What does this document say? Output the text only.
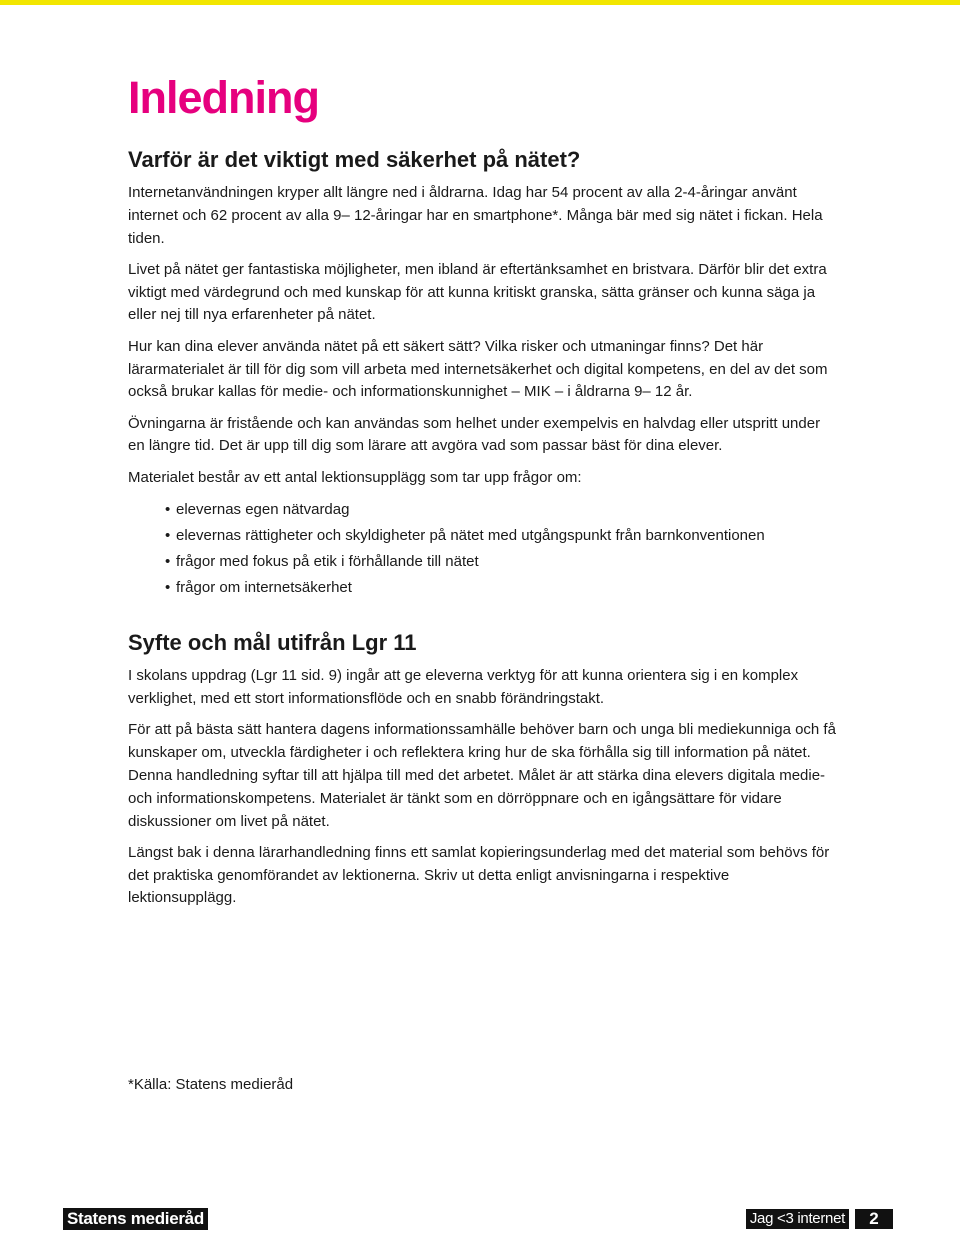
Inledning
Varför är det viktigt med säkerhet på nätet?

Internetanvändningen kryper allt längre ned i åldrarna. Idag har 54 procent av alla 2-4-åringar använt internet och 62 procent av alla 9– 12-åringar har en smartphone*. Många bär med sig nätet i fickan. Hela tiden.

Livet på nätet ger fantastiska möjligheter, men ibland är eftertänksamhet en bristvara. Därför blir det extra viktigt med värdegrund och med kunskap för att kunna kritiskt granska, sätta gränser och kunna säga ja eller nej till nya erfarenheter på nätet.

Hur kan dina elever använda nätet på ett säkert sätt? Vilka risker och utmaningar finns? Det här lärarmaterialet är till för dig som vill arbeta med internetsäkerhet och digital kompetens, en del av det som också brukar kallas för medie- och informationskunnighet – MIK – i åldrarna 9– 12 år.

Övningarna är fristående och kan användas som helhet under exempelvis en halvdag eller utspritt under en längre tid. Det är upp till dig som lärare att avgöra vad som passar bäst för dina elever.

Materialet består av ett antal lektionsupplägg som tar upp frågor om:

• elevernas egen nätvardag
• elevernas rättigheter och skyldigheter på nätet med utgångspunkt från barnkonventionen
• frågor med fokus på etik i förhållande till nätet
• frågor om internetsäkerhet
Syfte och mål utifrån Lgr 11

I skolans uppdrag (Lgr 11 sid. 9) ingår att ge eleverna verktyg för att kunna orientera sig i en komplex verklighet, med ett stort informationsflöde och en snabb förändringstakt.

För att på bästa sätt hantera dagens informationssamhälle behöver barn och unga bli mediekunniga och få kunskaper om, utveckla färdigheter i och reflektera kring hur de ska förhålla sig till information på nätet. Denna handledning syftar till att hjälpa till med det arbetet. Målet är att stärka dina elevers digitala medie- och informationskompetens. Materialet är tänkt som en dörröppnare och en igångsättare för vidare diskussioner om livet på nätet.

Längst bak i denna lärarhandledning finns ett samlat kopieringsunderlag med det material som behövs för det praktiska genomförandet av lektionerna. Skriv ut detta enligt anvisningarna i respektive lektionsupplägg.

*Källa: Statens medieråd
Statens medieråd	Jag <3 internet	2
